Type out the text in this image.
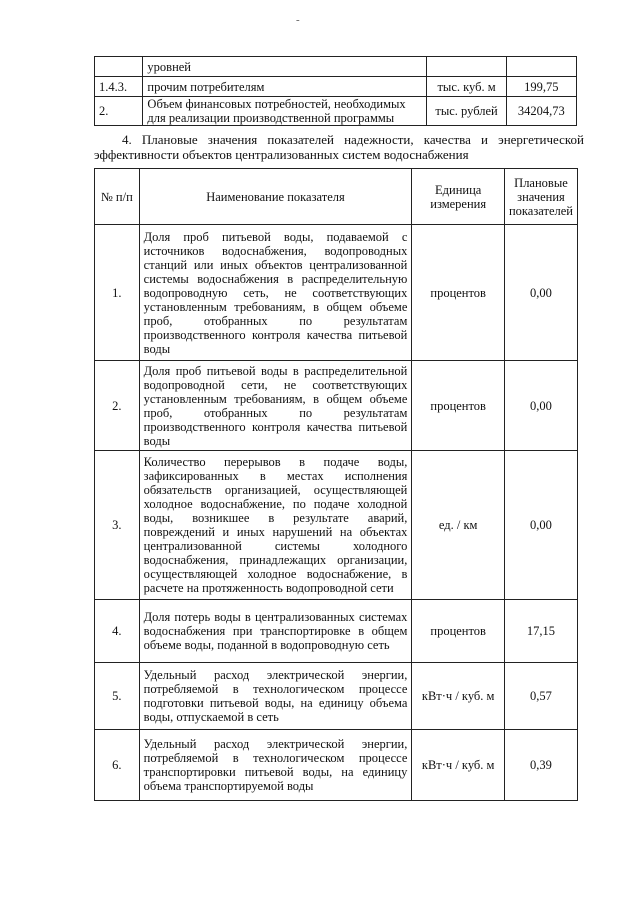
-
	уровней		
1.4.3.	прочим потребителям	тыс. куб. м	199,75
2.	Объем финансовых потребностей, необходимых для реализации производственной программы	тыс. рублей	34204,73
4. Плановые значения показателей надежности, качества и энергетической эффективности объектов централизованных систем водоснабжения
№ п/п	Наименование показателя	Единица измерения	Плановые значения показателей
1.	Доля проб питьевой воды, подаваемой с источников водоснабжения, водопроводных станций или иных объектов централизованной системы водоснабжения в распределительную водопроводную сеть, не соответствующих установленным требованиям, в общем объеме проб, отобранных по результатам производственного контроля качества питьевой воды	процентов	0,00
2.	Доля проб питьевой воды в распределительной водопроводной сети, не соответствующих установленным требованиям, в общем объеме проб, отобранных по результатам производственного контроля качества питьевой воды	процентов	0,00
3.	Количество перерывов в подаче воды, зафиксированных в местах исполнения обязательств организацией, осуществляющей холодное водоснабжение, по подаче холодной воды, возникшее в результате аварий, повреждений и иных нарушений на объектах централизованной системы холодного водоснабжения, принадлежащих организации, осуществляющей холодное водоснабжение, в расчете на протяженность водопроводной сети	ед. / км	0,00
4.	Доля потерь воды в централизованных системах водоснабжения при транспортировке в общем объеме воды, поданной в водопроводную сеть	процентов	17,15
5.	Удельный расход электрической энергии, потребляемой в технологическом процессе подготовки питьевой воды, на единицу объема воды, отпускаемой в сеть	кВт·ч / куб. м	0,57
6.	Удельный расход электрической энергии, потребляемой в технологическом процессе транспортировки питьевой воды, на единицу объема транспортируемой воды	кВт·ч / куб. м	0,39
